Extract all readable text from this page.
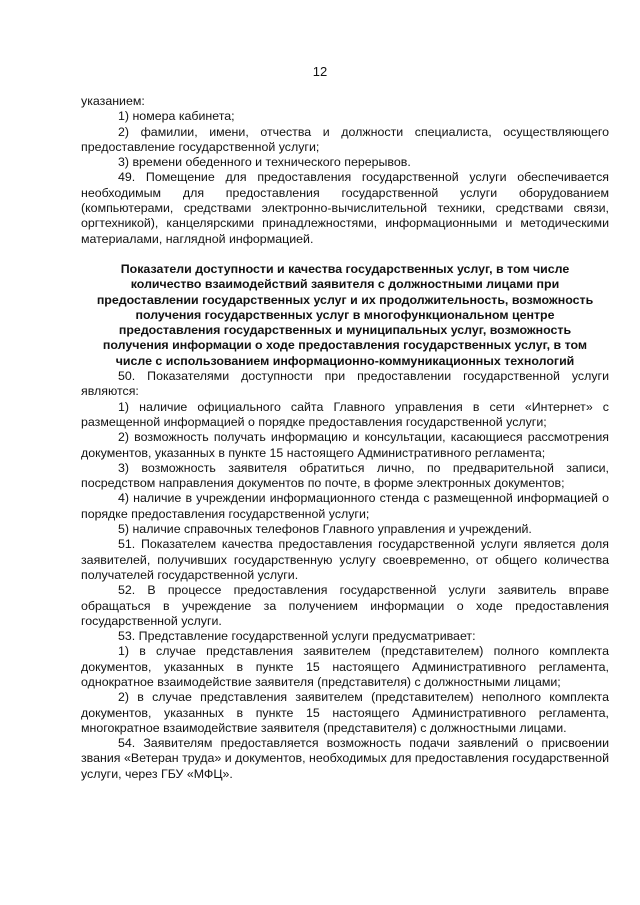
12

указанием:

1) номера кабинета;

2) фамилии, имени, отчества и должности специалиста, осуществляющего предоставление государственной услуги;

3) времени обеденного и технического перерывов.

49. Помещение для предоставления государственной услуги обеспечивается необходимым для предоставления государственной услуги оборудованием (компьютерами, средствами электронно-вычислительной техники, средствами связи, оргтехникой), канцелярскими принадлежностями, информационными и методическими материалами, наглядной информацией.

Показатели доступности и качества государственных услуг, в том числе количество взаимодействий заявителя с должностными лицами при предоставлении государственных услуг и их продолжительность, возможность получения государственных услуг в многофункциональном центре предоставления государственных и муниципальных услуг, возможность получения информации о ходе предоставления государственных услуг, в том числе с использованием информационно-коммуникационных технологий

50. Показателями доступности при предоставлении государственной услуги являются:

1) наличие официального сайта Главного управления в сети «Интернет» с размещенной информацией о порядке предоставления государственной услуги;

2) возможность получать информацию и консультации, касающиеся рассмотрения документов, указанных в пункте 15 настоящего Административного регламента;

3) возможность заявителя обратиться лично, по предварительной записи, посредством направления документов по почте, в форме электронных документов;

4) наличие в учреждении информационного стенда с размещенной информацией о порядке предоставления государственной услуги;

5) наличие справочных телефонов Главного управления и учреждений.

51. Показателем качества предоставления государственной услуги является доля заявителей, получивших государственную услугу своевременно, от общего количества получателей государственной услуги.

52. В процессе предоставления государственной услуги заявитель вправе обращаться в учреждение за получением информации о ходе предоставления государственной услуги.

53. Представление государственной услуги предусматривает:

1) в случае представления заявителем (представителем) полного комплекта документов, указанных в пункте 15 настоящего Административного регламента, однократное взаимодействие заявителя (представителя) с должностными лицами;

2) в случае представления заявителем (представителем) неполного комплекта документов, указанных в пункте 15 настоящего Административного регламента, многократное взаимодействие заявителя (представителя) с должностными лицами.

54. Заявителям предоставляется возможность подачи заявлений о присвоении звания «Ветеран труда» и документов, необходимых для предоставления государственной услуги, через ГБУ «МФЦ».
